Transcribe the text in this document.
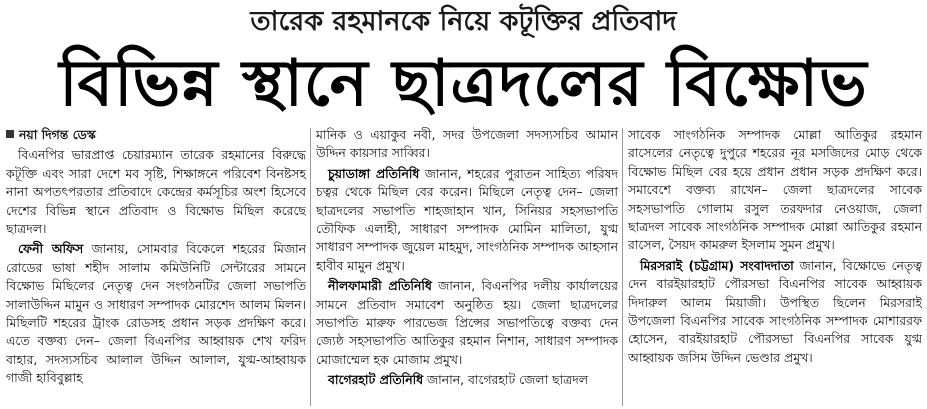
তারেক রহমানকে নিয়ে কটূক্তির প্রতিবাদ
বিভিন্ন স্থানে ছাত্রদলের বিক্ষোভ
নয়া দিগন্ত ডেস্ক

বিএনপির ভারপ্রাপ্ত চেয়ারম্যান তারেক রহমানের বিরুদ্ধে কটূক্তি এবং সারা দেশে মব সৃষ্টি, শিক্ষাঙ্গনে পরিবেশ বিনষ্টসহ নানা অপতৎপরতার প্রতিবাদে কেন্দ্রের কর্মসূচির অংশ হিসেবে দেশের বিভিন্ন স্থানে প্রতিবাদ ও বিক্ষোভ মিছিল করেছে ছাত্রদল।

ফেনী অফিস জানায়, সোমবার বিকেলে শহরের মিজান রোডের ভাষা শহীদ সালাম কমিউনিটি সেন্টারের সামনে বিক্ষোভ মিছিলের নেতৃত্ব দেন সংগঠনটির জেলা সভাপতি সালাউদ্দিন মামুন ও সাধারণ সম্পাদক মোরশেদ আলম মিলন। মিছিলটি শহরের ট্রাংক রোডসহ প্রধান সড়ক প্রদক্ষিণ করে। এতে বক্তব্য দেন– জেলা বিএনপির আহ্বায়ক শেখ ফরিদ বাহার, সদস্যসচিব আলাল উদ্দিন আলাল, যুগ্ম-আহ্বায়ক গাজী হাবিবুল্লাহ

মানিক ও এয়াকুব নবী, সদর উপজেলা সদস্যসচিব আমান উদ্দিন কায়সার সাব্বির।

চুয়াডাঙ্গা প্রতিনিধি জানান, শহরের পুরাতন সাহিত্য পরিষদ চত্বর থেকে মিছিল বের করেন। মিছিলে নেতৃত্ব দেন– জেলা ছাত্রদলের সভাপতি শাহজাহান খান, সিনিয়র সহসভাপতি তৌফিক এলাহী, সাধারণ সম্পাদক মোমিন মালিতা, যুগ্ম সাধারণ সম্পাদক জুয়েল মাহমুদ, সাংগঠনিক সম্পাদক আহসান হাবীব মামুন প্রমুখ।

নীলফামারী প্রতিনিধি জানান, বিএনপির দলীয় কার্যালয়ের সামনে প্রতিবাদ সমাবেশ অনুষ্ঠিত হয়। জেলা ছাত্রদলের সভাপতি মারুফ পারভেজ প্রিন্সের সভাপতিত্বে বক্তব্য দেন জ্যেষ্ঠ সহসভাপতি আতিকুর রহমান নিশান, সাধারণ সম্পাদক মোজাম্মেল হক মোজাম প্রমুখ।

বাগেরহাট প্রতিনিধি জানান, বাগেরহাট জেলা ছাত্রদল

সাবেক সাংগঠনিক সম্পাদক মোল্লা আতিকুর রহমান রাসেলের নেতৃত্বে দুপুরে শহরের নূর মসজিদের মোড় থেকে বিক্ষোভ মিছিল বের হয়ে প্রধান প্রধান সড়ক প্রদক্ষিণ করে। সমাবেশে বক্তব্য রাখেন– জেলা ছাত্রদলের সাবেক সহসভাপতি গোলাম রসুল তরফদার নেওয়াজ, জেলা ছাত্রদল সাবেক সাংগঠনিক সম্পাদক মোল্লা আতিকুর রহমান রাসেল, সৈয়দ কামরুল ইসলাম সুমন প্রমুখ।

মিরসরাই (চট্টগ্রাম) সংবাদদাতা জানান, বিক্ষোভে নেতৃত্ব দেন বারইয়ারহাট পৌরসভা বিএনপির সাবেক আহ্বায়ক দিদারুল আলম মিয়াজী। উপস্থিত ছিলেন মিরসরাই উপজেলা বিএনপির সাবেক সাংগঠনিক সম্পাদক মোশাররফ হোসেন, বারইয়ারহাট পৌরসভা বিএনপির সাবেক যুগ্ম আহ্বায়ক জসিম উদ্দিন ভেণ্ডার প্রমুখ।
